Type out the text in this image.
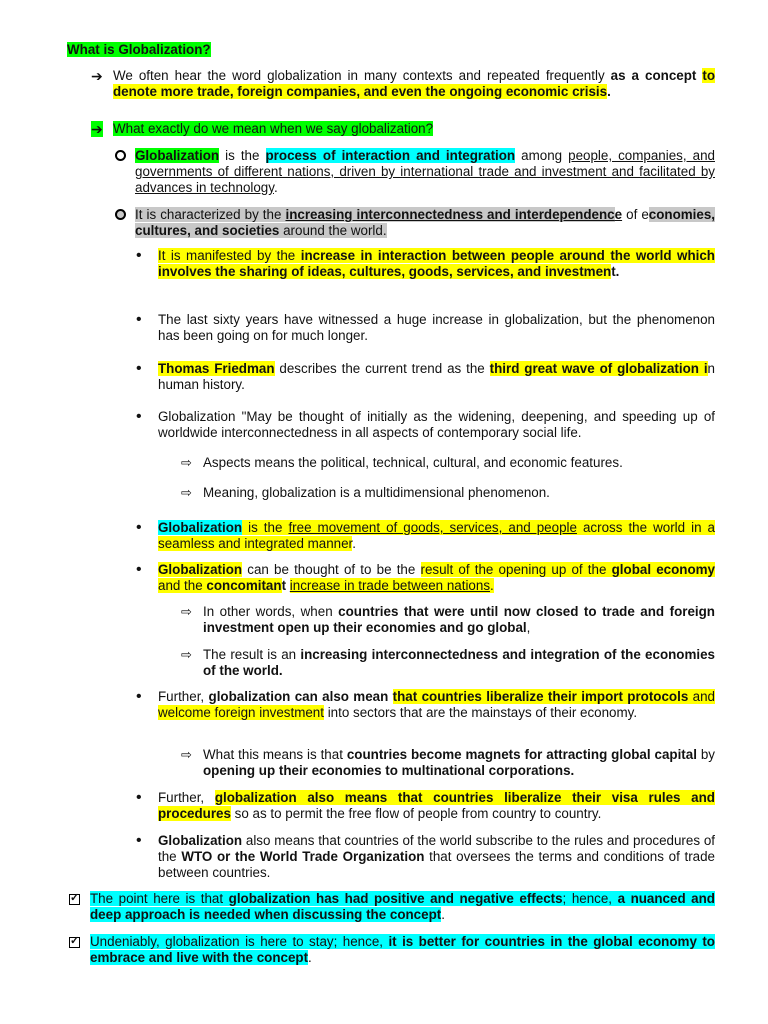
What is Globalization?
➔ We often hear the word globalization in many contexts and repeated frequently as a concept to denote more trade, foreign companies, and even the ongoing economic crisis.
➔ What exactly do we mean when we say globalization?
Globalization is the process of interaction and integration among people, companies, and governments of different nations, driven by international trade and investment and facilitated by advances in technology.
It is characterized by the increasing interconnectedness and interdependence of economies, cultures, and societies around the world.
• It is manifested by the increase in interaction between people around the world which involves the sharing of ideas, cultures, goods, services, and investment.
• The last sixty years have witnessed a huge increase in globalization, but the phenomenon has been going on for much longer.
• Thomas Friedman describes the current trend as the third great wave of globalization in human history.
• Globalization "May be thought of initially as the widening, deepening, and speeding up of worldwide interconnectedness in all aspects of contemporary social life.
⇨ Aspects means the political, technical, cultural, and economic features.
⇨ Meaning, globalization is a multidimensional phenomenon.
• Globalization is the free movement of goods, services, and people across the world in a seamless and integrated manner.
• Globalization can be thought of to be the result of the opening up of the global economy and the concomitant increase in trade between nations.
⇨ In other words, when countries that were until now closed to trade and foreign investment open up their economies and go global,
⇨ The result is an increasing interconnectedness and integration of the economies of the world.
• Further, globalization can also mean that countries liberalize their import protocols and welcome foreign investment into sectors that are the mainstays of their economy.
⇨ What this means is that countries become magnets for attracting global capital by opening up their economies to multinational corporations.
• Further, globalization also means that countries liberalize their visa rules and procedures so as to permit the free flow of people from country to country.
• Globalization also means that countries of the world subscribe to the rules and procedures of the WTO or the World Trade Organization that oversees the terms and conditions of trade between countries.
✓
The point here is that globalization has had positive and negative effects; hence, a nuanced and deep approach is needed when discussing the concept.
✓
Undeniably, globalization is here to stay; hence, it is better for countries in the global economy to embrace and live with the concept.
